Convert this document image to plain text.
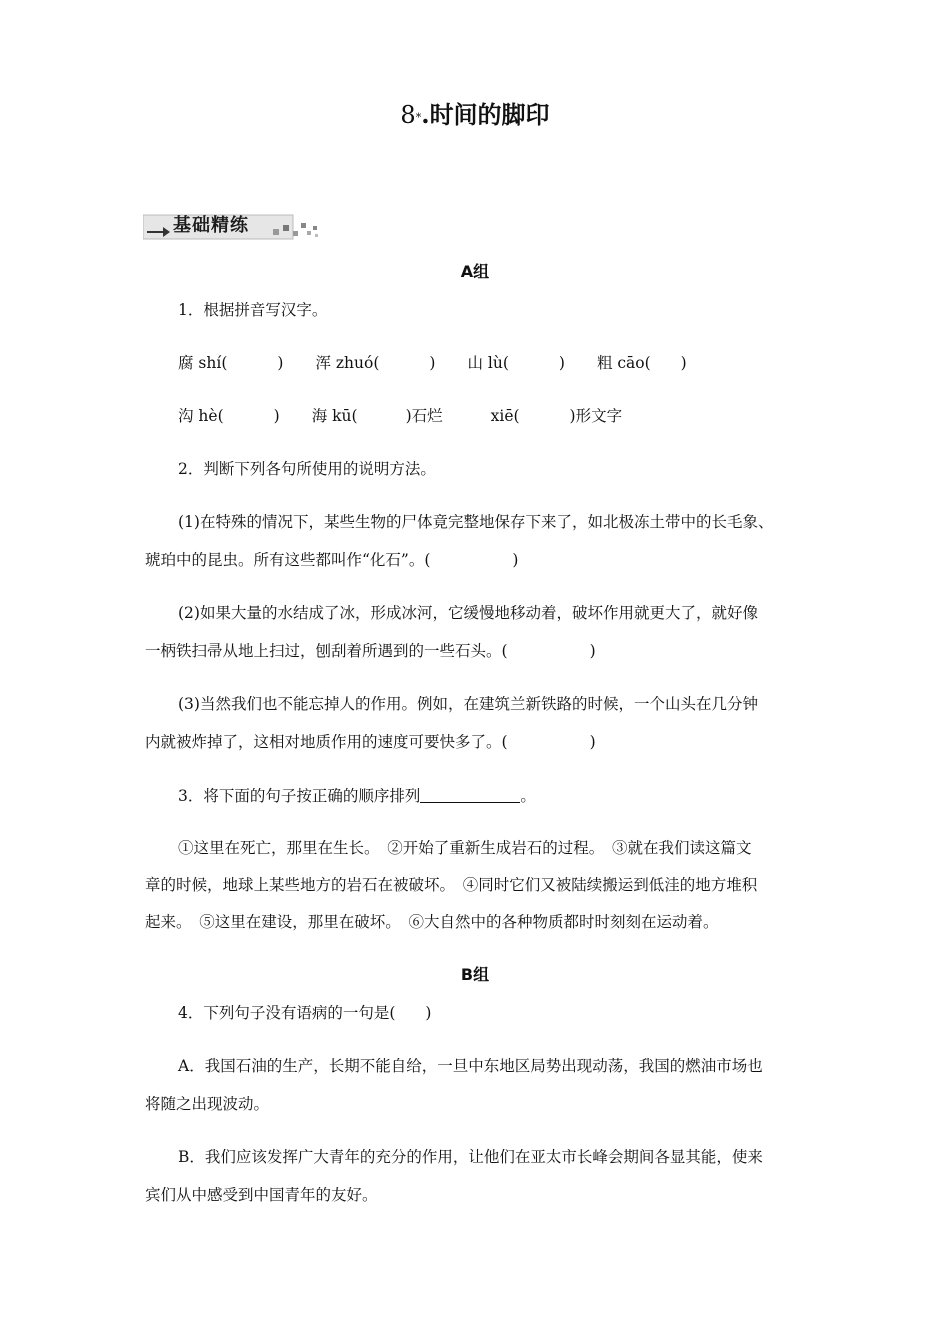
8*.时间的脚印
基础精练
A组
1．根据拼音写汉字。
腐 shí(	) 浑 zhuó(	) 山 lù(	) 粗 cāo( )
沟 hè(	) 海 kū(	)石烂	xiē(	)形文字
2．判断下列各句所使用的说明方法。
(1)在特殊的情况下，某些生物的尸体竟完整地保存下来了，如北极冻土带中的长毛象、
琥珀中的昆虫。所有这些都叫作“化石”。(	)
(2)如果大量的水结成了冰，形成冰河，它缓慢地移动着，破坏作用就更大了，就好像
一柄铁扫帚从地上扫过，刨刮着所遇到的一些石头。(	)
(3)当然我们也不能忘掉人的作用。例如，在建筑兰新铁路的时候，一个山头在几分钟
内就被炸掉了，这相对地质作用的速度可要快多了。(	)
3．将下面的句子按正确的顺序排列	。
①这里在死亡，那里在生长。　②开始了重新生成岩石的过程。　③就在我们读这篇文
章的时候，地球上某些地方的岩石在被破坏。　④同时它们又被陆续搬运到低洼的地方堆积
起来。　⑤这里在建设，那里在破坏。　⑥大自然中的各种物质都时时刻刻在运动着。
B组
4．下列句子没有语病的一句是( )
A．我国石油的生产，长期不能自给，一旦中东地区局势出现动荡，我国的燃油市场也
将随之出现波动。
B．我们应该发挥广大青年的充分的作用，让他们在亚太市长峰会期间各显其能，使来
宾们从中感受到中国青年的友好。
